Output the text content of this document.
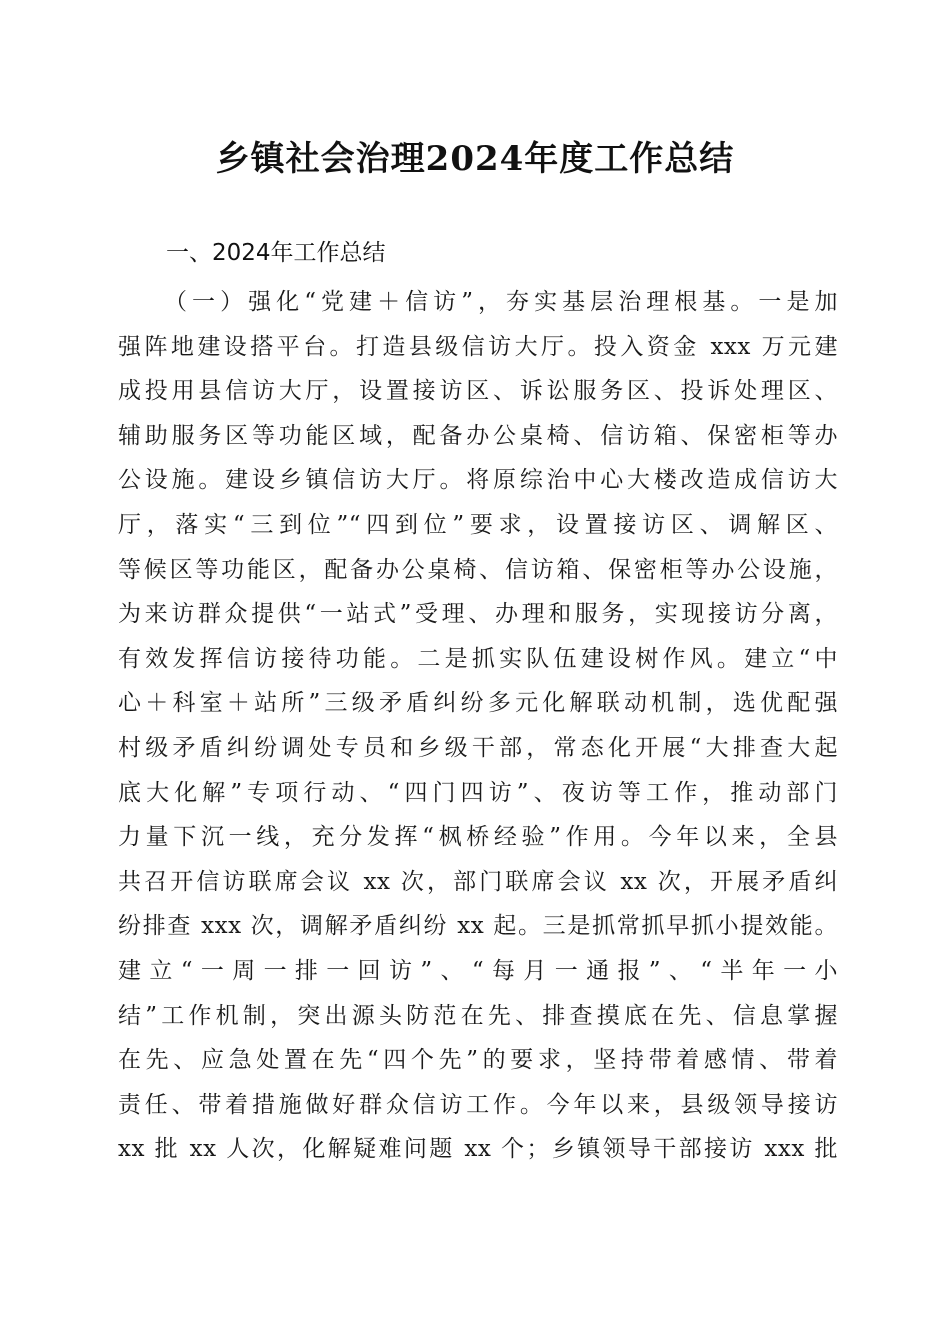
乡镇社会治理2024年度工作总结
一、2024年工作总结
（一）强化“党建＋信访”，夯实基层治理根基。一是加
强阵地建设搭平台。打造县级信访大厅。投入资金 xxx 万元建
成投用县信访大厅，设置接访区、诉讼服务区、投诉处理区、
辅助服务区等功能区域，配备办公桌椅、信访箱、保密柜等办
公设施。建设乡镇信访大厅。将原综治中心大楼改造成信访大
厅，落实“三到位”“四到位”要求，设置接访区、调解区、
等候区等功能区，配备办公桌椅、信访箱、保密柜等办公设施，
为来访群众提供“一站式”受理、办理和服务，实现接访分离，
有效发挥信访接待功能。二是抓实队伍建设树作风。建立“中
心＋科室＋站所”三级矛盾纠纷多元化解联动机制，选优配强
村级矛盾纠纷调处专员和乡级干部，常态化开展“大排查大起
底大化解”专项行动、“四门四访”、夜访等工作，推动部门
力量下沉一线，充分发挥“枫桥经验”作用。今年以来，全县
共召开信访联席会议 xx 次，部门联席会议 xx 次，开展矛盾纠
纷排查 xxx 次，调解矛盾纠纷 xx 起。三是抓常抓早抓小提效能。
建立“一周一排一回访”、“每月一通报”、“半年一小
结”工作机制，突出源头防范在先、排查摸底在先、信息掌握
在先、应急处置在先“四个先”的要求，坚持带着感情、带着
责任、带着措施做好群众信访工作。今年以来，县级领导接访
xx 批 xx 人次，化解疑难问题 xx 个；乡镇领导干部接访 xxx 批
